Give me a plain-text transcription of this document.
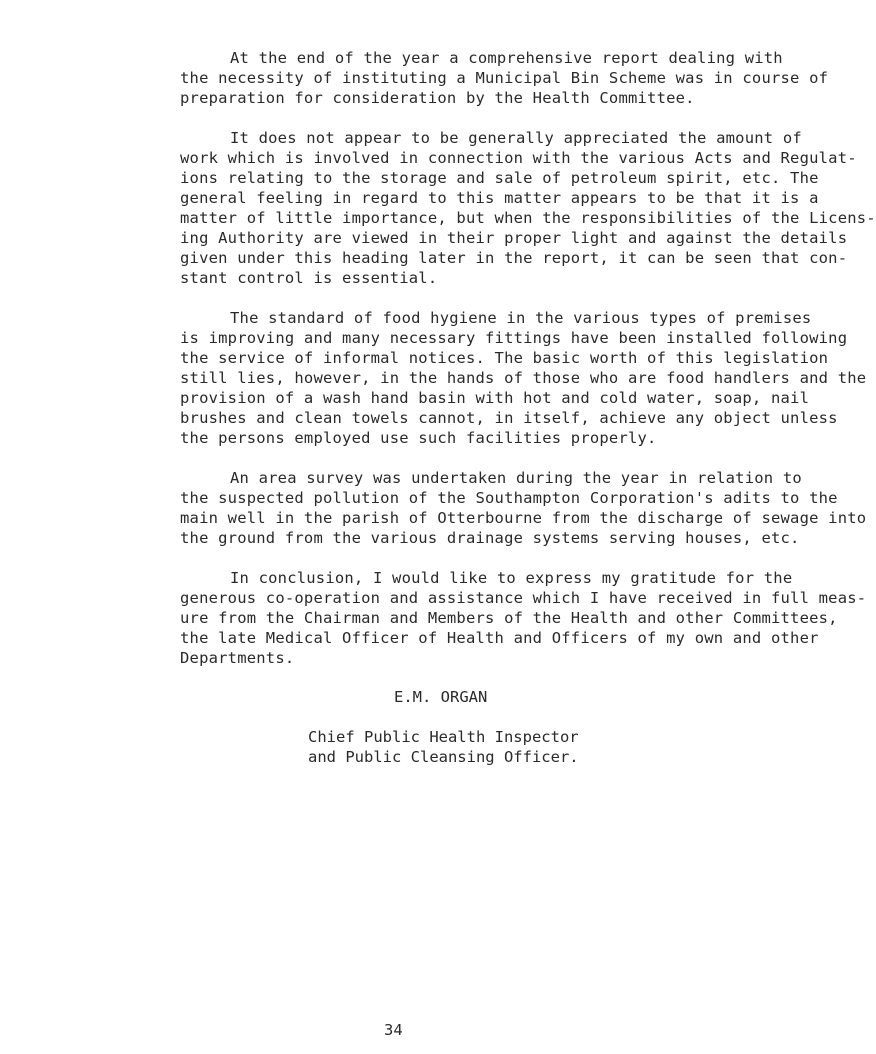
At the end of the year a comprehensive report dealing with
the necessity of instituting a Municipal Bin Scheme was in course of
preparation for consideration by the Health Committee.
It does not appear to be generally appreciated the amount of
work which is involved in connection with the various Acts and Regulat-
ions relating to the storage and sale of petroleum spirit, etc. The
general feeling in regard to this matter appears to be that it is a
matter of little importance, but when the responsibilities of the Licens-
ing Authority are viewed in their proper light and against the details
given under this heading later in the report, it can be seen that con-
stant control is essential.
The standard of food hygiene in the various types of premises
is improving and many necessary fittings have been installed following
the service of informal notices. The basic worth of this legislation
still lies, however, in the hands of those who are food handlers and the
provision of a wash hand basin with hot and cold water, soap, nail
brushes and clean towels cannot, in itself, achieve any object unless
the persons employed use such facilities properly.
An area survey was undertaken during the year in relation to
the suspected pollution of the Southampton Corporation's adits to the
main well in the parish of Otterbourne from the discharge of sewage into
the ground from the various drainage systems serving houses, etc.
In conclusion, I would like to express my gratitude for the
generous co-operation and assistance which I have received in full meas-
ure from the Chairman and Members of the Health and other Committees,
the late Medical Officer of Health and Officers of my own and other
Departments.
E.M. ORGAN
Chief Public Health Inspector
and Public Cleansing Officer.
34
